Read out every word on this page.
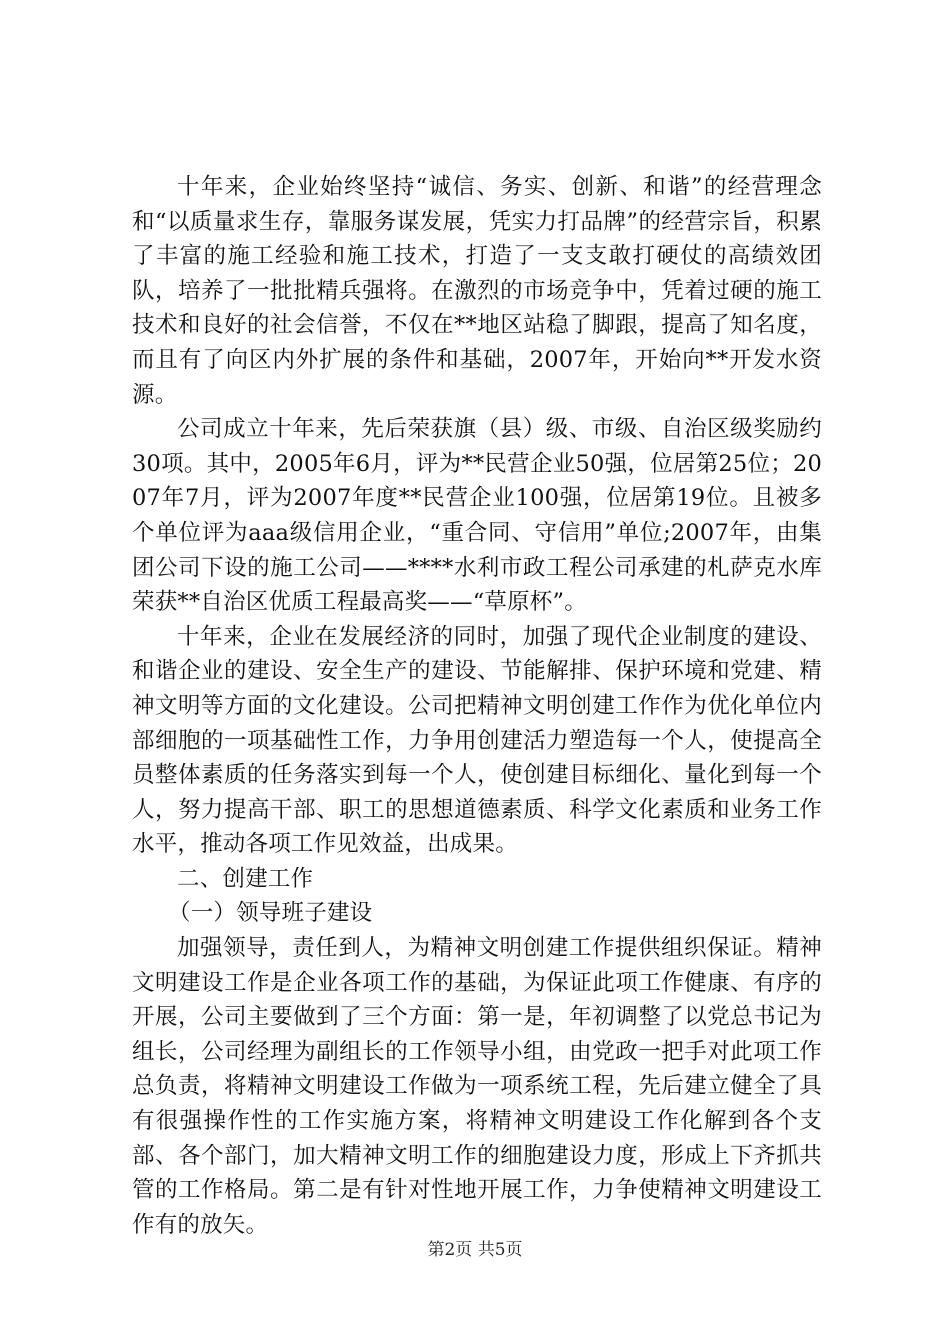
十年来，企业始终坚持“诚信、务实、创新、和谐”的经营理念和“以质量求生存，靠服务谋发展，凭实力打品牌”的经营宗旨，积累了丰富的施工经验和施工技术，打造了一支支敢打硬仗的高绩效团队，培养了一批批精兵强将。在激烈的市场竞争中，凭着过硬的施工技术和良好的社会信誉，不仅在**地区站稳了脚跟，提高了知名度，而且有了向区内外扩展的条件和基础，2007年，开始向**开发水资源。

公司成立十年来，先后荣获旗（县）级、市级、自治区级奖励约30项。其中，2005年6月，评为**民营企业50强，位居第25位；2007年7月，评为2007年度**民营企业100强，位居第19位。且被多个单位评为aaa级信用企业，“重合同、守信用”单位;2007年，由集团公司下设的施工公司——****水利市政工程公司承建的札萨克水库荣获**自治区优质工程最高奖——“草原杯”。

十年来，企业在发展经济的同时，加强了现代企业制度的建设、和谐企业的建设、安全生产的建设、节能解排、保护环境和党建、精神文明等方面的文化建设。公司把精神文明创建工作作为优化单位内部细胞的一项基础性工作，力争用创建活力塑造每一个人，使提高全员整体素质的任务落实到每一个人，使创建目标细化、量化到每一个人，努力提高干部、职工的思想道德素质、科学文化素质和业务工作水平，推动各项工作见效益，出成果。

二、创建工作

（一）领导班子建设

加强领导，责任到人，为精神文明创建工作提供组织保证。精神文明建设工作是企业各项工作的基础，为保证此项工作健康、有序的开展，公司主要做到了三个方面：第一是，年初调整了以党总书记为组长，公司经理为副组长的工作领导小组，由党政一把手对此项工作总负责，将精神文明建设工作做为一项系统工程，先后建立健全了具有很强操作性的工作实施方案，将精神文明建设工作化解到各个支部、各个部门，加大精神文明工作的细胞建设力度，形成上下齐抓共管的工作格局。第二是有针对性地开展工作，力争使精神文明建设工作有的放矢。

第2页 共5页
